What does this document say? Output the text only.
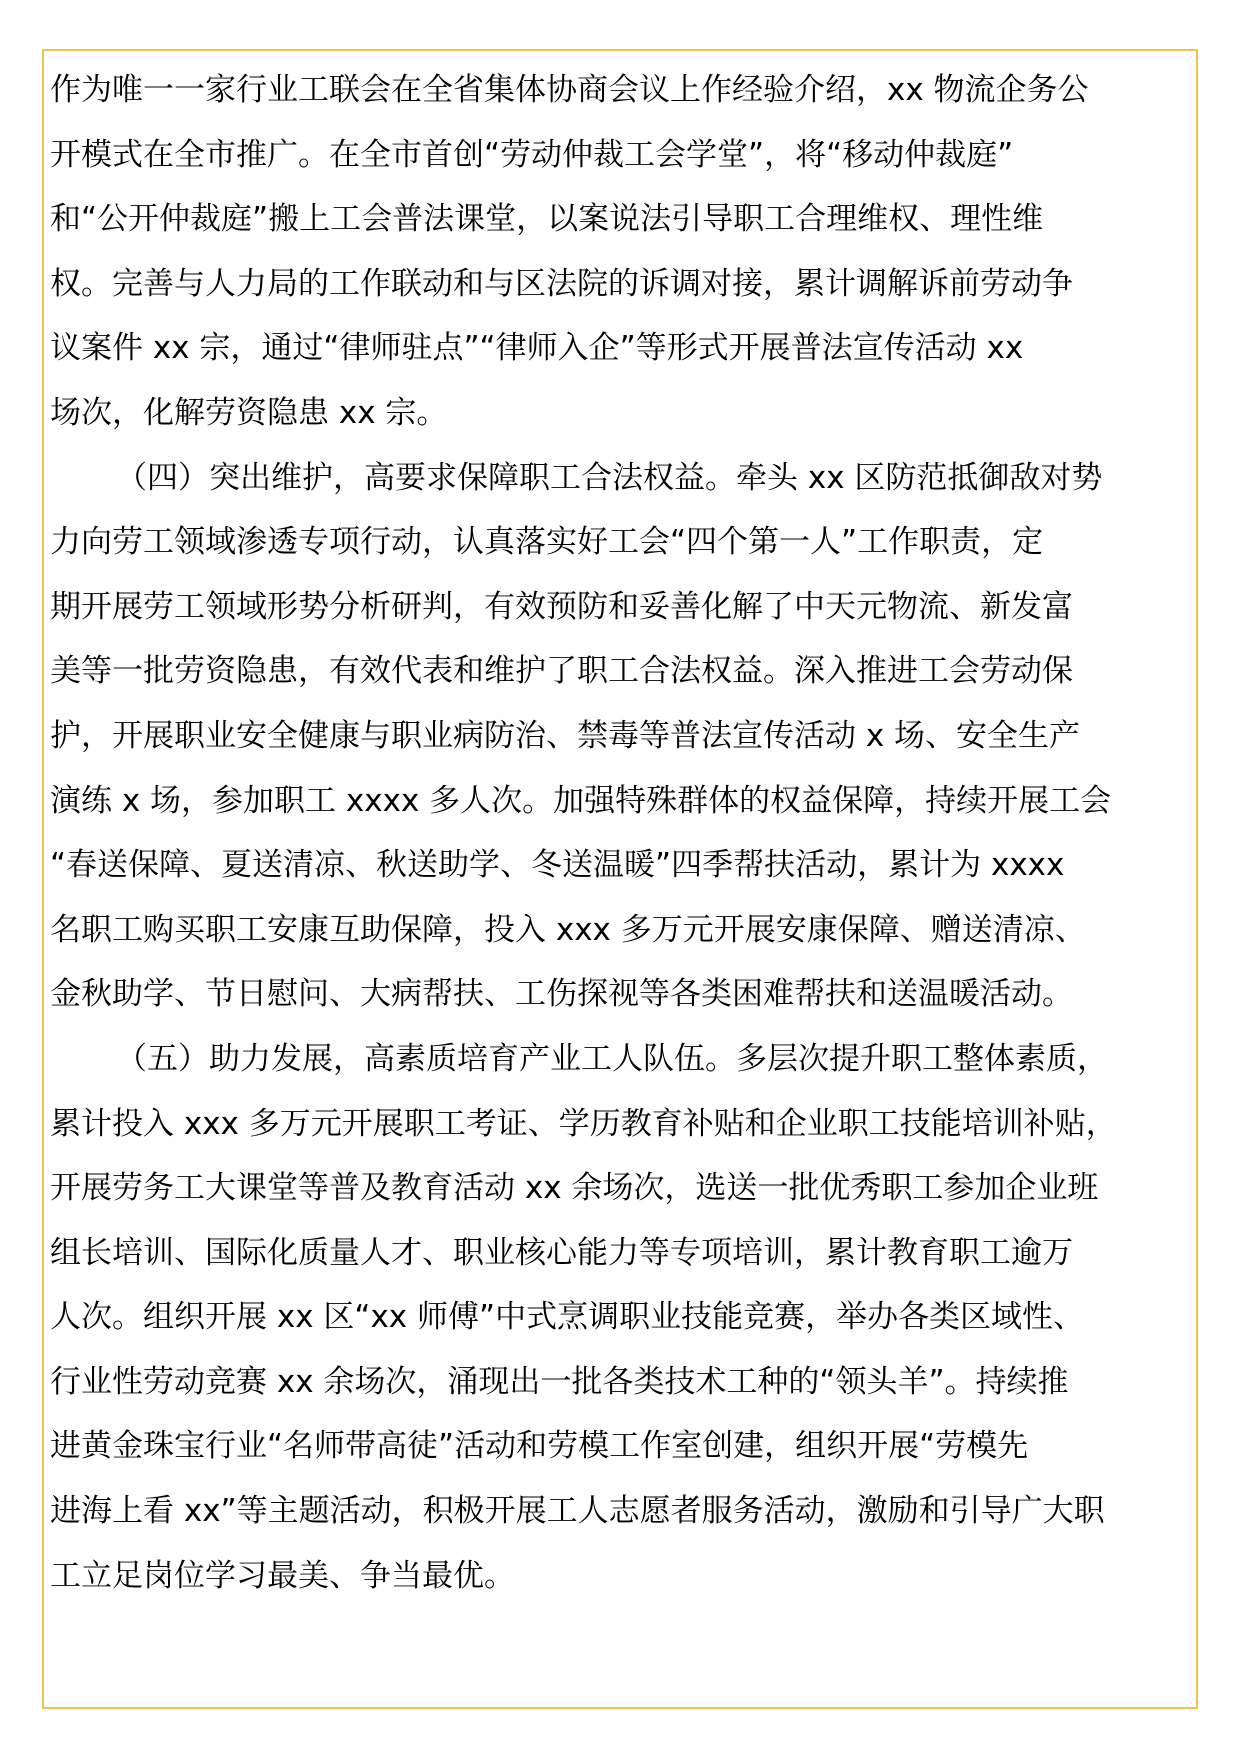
作为唯一一家行业工联会在全省集体协商会议上作经验介绍，xx 物流企务公
开模式在全市推广。在全市首创“劳动仲裁工会学堂”，将“移动仲裁庭”
和“公开仲裁庭”搬上工会普法课堂，以案说法引导职工合理维权、理性维
权。完善与人力局的工作联动和与区法院的诉调对接，累计调解诉前劳动争
议案件 xx 宗，通过“律师驻点”“律师入企”等形式开展普法宣传活动 xx
场次，化解劳资隐患 xx 宗。
（四）突出维护，高要求保障职工合法权益。牵头 xx 区防范抵御敌对势
力向劳工领域渗透专项行动，认真落实好工会“四个第一人”工作职责，定
期开展劳工领域形势分析研判，有效预防和妥善化解了中天元物流、新发富
美等一批劳资隐患，有效代表和维护了职工合法权益。深入推进工会劳动保
护，开展职业安全健康与职业病防治、禁毒等普法宣传活动 x 场、安全生产
演练 x 场，参加职工 xxxx 多人次。加强特殊群体的权益保障，持续开展工会
“春送保障、夏送清凉、秋送助学、冬送温暖”四季帮扶活动，累计为 xxxx
名职工购买职工安康互助保障，投入 xxx 多万元开展安康保障、赠送清凉、
金秋助学、节日慰问、大病帮扶、工伤探视等各类困难帮扶和送温暖活动。
（五）助力发展，高素质培育产业工人队伍。多层次提升职工整体素质，
累计投入 xxx 多万元开展职工考证、学历教育补贴和企业职工技能培训补贴，
开展劳务工大课堂等普及教育活动 xx 余场次，选送一批优秀职工参加企业班
组长培训、国际化质量人才、职业核心能力等专项培训，累计教育职工逾万
人次。组织开展 xx 区“xx 师傅”中式烹调职业技能竞赛，举办各类区域性、
行业性劳动竞赛 xx 余场次，涌现出一批各类技术工种的“领头羊”。持续推
进黄金珠宝行业“名师带高徒”活动和劳模工作室创建，组织开展“劳模先
进海上看 xx”等主题活动，积极开展工人志愿者服务活动，激励和引导广大职
工立足岗位学习最美、争当最优。
